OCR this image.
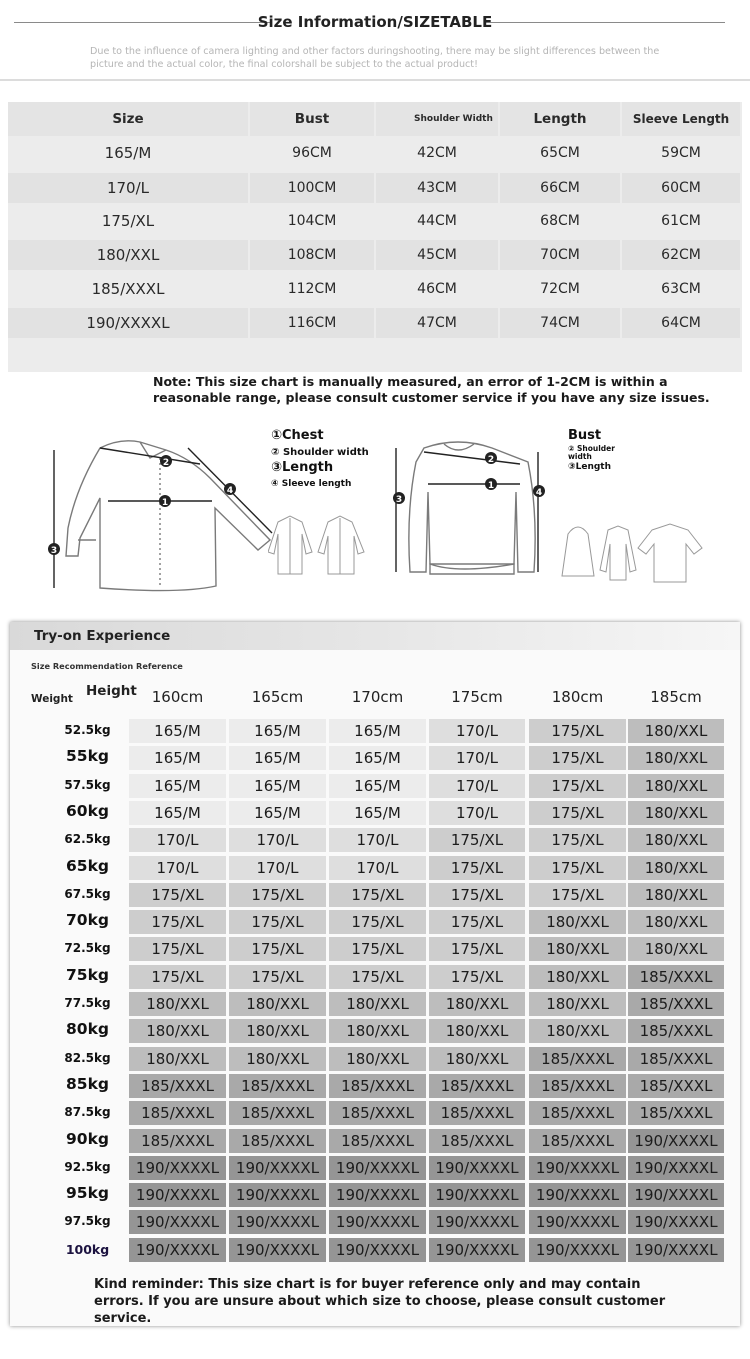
Size Information/SIZETABLE
Due to the influence of camera lighting and other factors duringshooting, there may be slight differences between the picture and the actual color, the final colorshall be subject to the actual product!
Size	Bust	Shoulder Width	Length	Sleeve Length
165/M	96CM	42CM	65CM	59CM
170/L	100CM	43CM	66CM	60CM
175/XL	104CM	44CM	68CM	61CM
180/XXL	108CM	45CM	70CM	62CM
185/XXXL	112CM	46CM	72CM	63CM
190/XXXXL	116CM	47CM	74CM	64CM
Note: This size chart is manually measured, an error of 1-2CM is within a reasonable range, please consult customer service if you have any size issues.
3
1
2
4
①Chest
② Shoulder width
③Length
④ Sleeve length
3
1
2
4
Bust
② Shoulder width
③Length
Try-on Experience
Size Recommendation Reference
Height
Weight	160cm	165cm	170cm	175cm	180cm	185cm
52.5kg	165/M	165/M	165/M	170/L	175/XL	180/XXL
55kg	165/M	165/M	165/M	170/L	175/XL	180/XXL
57.5kg	165/M	165/M	165/M	170/L	175/XL	180/XXL
60kg	165/M	165/M	165/M	170/L	175/XL	180/XXL
62.5kg	170/L	170/L	170/L	175/XL	175/XL	180/XXL
65kg	170/L	170/L	170/L	175/XL	175/XL	180/XXL
67.5kg	175/XL	175/XL	175/XL	175/XL	175/XL	180/XXL
70kg	175/XL	175/XL	175/XL	175/XL	180/XXL	180/XXL
72.5kg	175/XL	175/XL	175/XL	175/XL	180/XXL	180/XXL
75kg	175/XL	175/XL	175/XL	175/XL	180/XXL	185/XXXL
77.5kg	180/XXL	180/XXL	180/XXL	180/XXL	180/XXL	185/XXXL
80kg	180/XXL	180/XXL	180/XXL	180/XXL	180/XXL	185/XXXL
82.5kg	180/XXL	180/XXL	180/XXL	180/XXL	185/XXXL	185/XXXL
85kg	185/XXXL	185/XXXL	185/XXXL	185/XXXL	185/XXXL	185/XXXL
87.5kg	185/XXXL	185/XXXL	185/XXXL	185/XXXL	185/XXXL	185/XXXL
90kg	185/XXXL	185/XXXL	185/XXXL	185/XXXL	185/XXXL	190/XXXXL
92.5kg	190/XXXXL	190/XXXXL	190/XXXXL	190/XXXXL	190/XXXXL	190/XXXXL
95kg	190/XXXXL	190/XXXXL	190/XXXXL	190/XXXXL	190/XXXXL	190/XXXXL
97.5kg	190/XXXXL	190/XXXXL	190/XXXXL	190/XXXXL	190/XXXXL	190/XXXXL
100kg	190/XXXXL	190/XXXXL	190/XXXXL	190/XXXXL	190/XXXXL	190/XXXXL
Kind reminder: This size chart is for buyer reference only and may contain errors. If you are unsure about which size to choose, please consult customer service.
